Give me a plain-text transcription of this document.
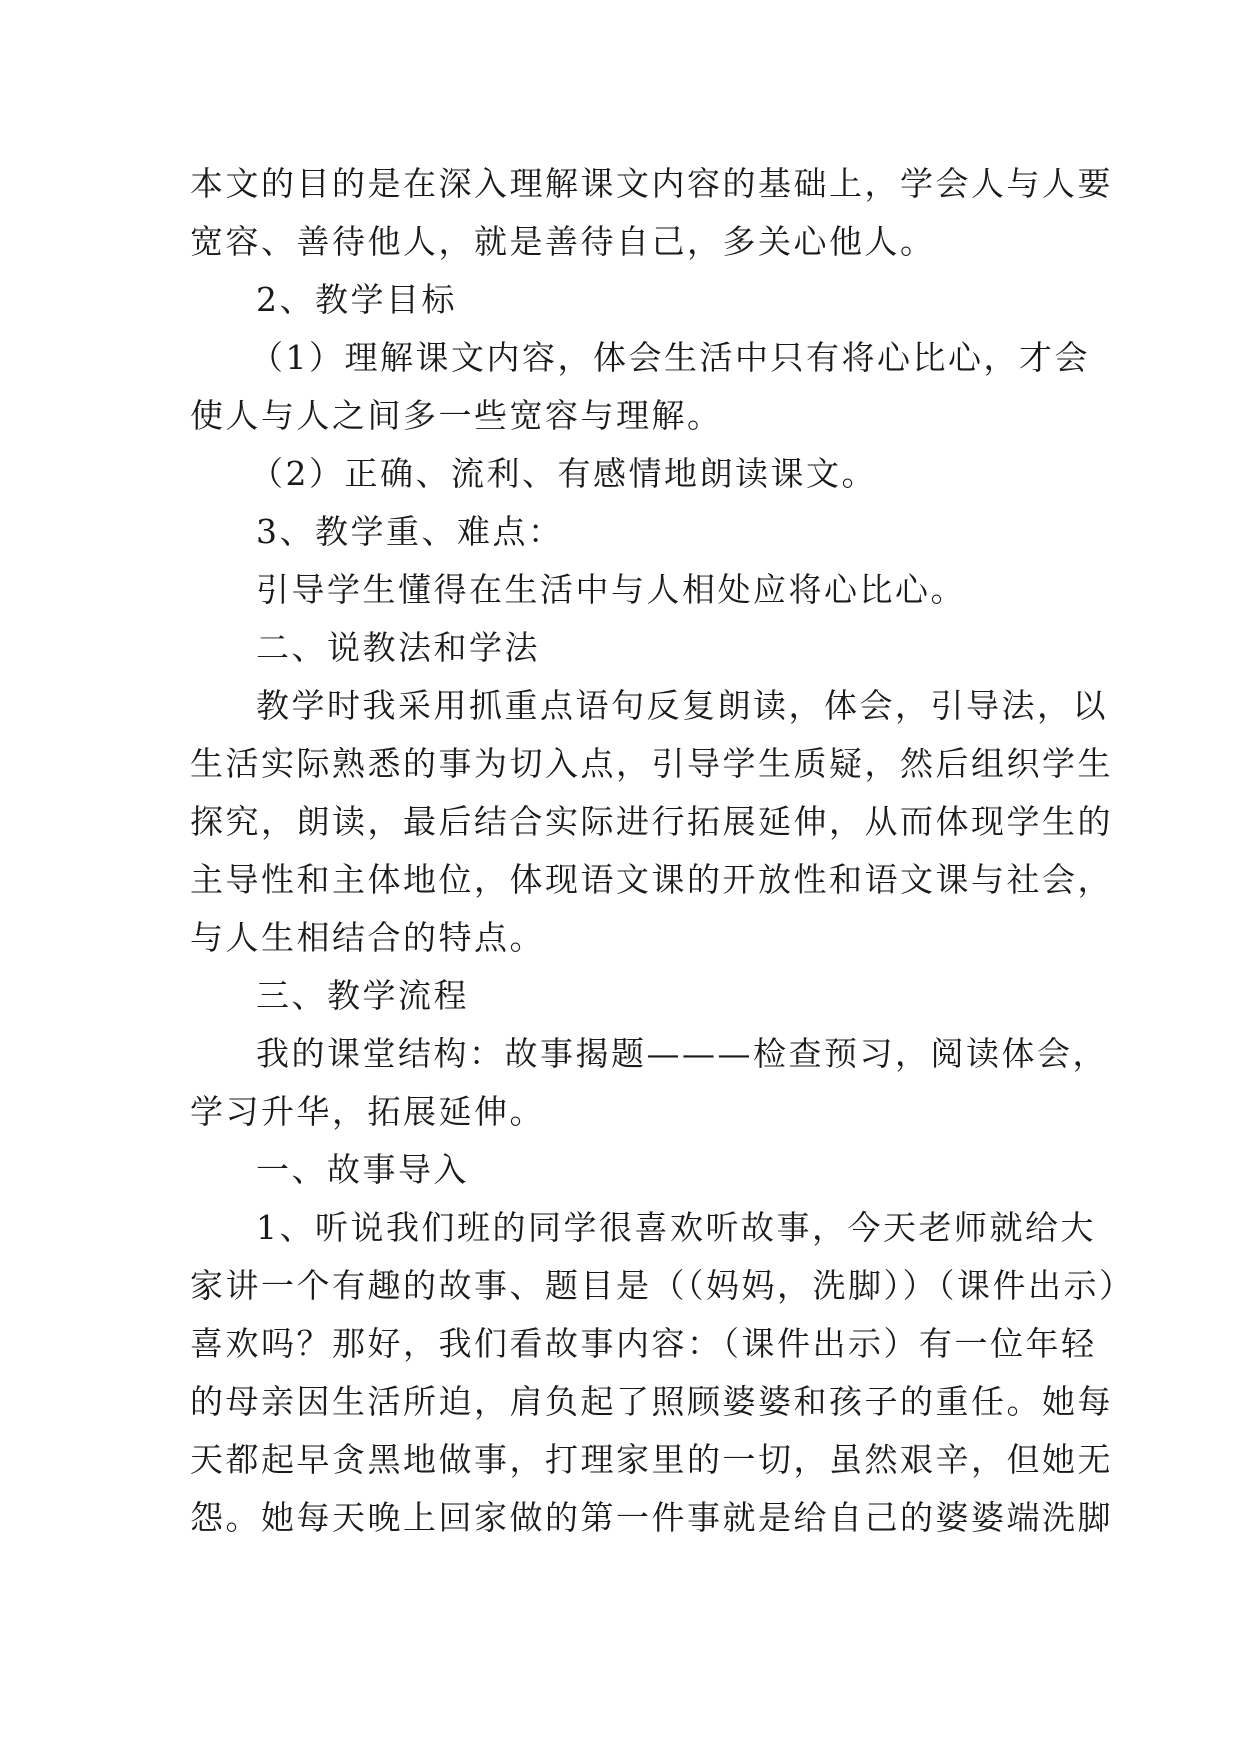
本文的目的是在深入理解课文内容的基础上，学会人与人要
宽容、善待他人，就是善待自己，多关心他人。
2、教学目标
（1）理解课文内容，体会生活中只有将心比心，才会
使人与人之间多一些宽容与理解。
（2）正确、流利、有感情地朗读课文。
3、教学重、难点：
引导学生懂得在生活中与人相处应将心比心。
二、说教法和学法
教学时我采用抓重点语句反复朗读，体会，引导法，以
生活实际熟悉的事为切入点，引导学生质疑，然后组织学生
探究，朗读，最后结合实际进行拓展延伸，从而体现学生的
主导性和主体地位，体现语文课的开放性和语文课与社会，
与人生相结合的特点。
三、教学流程
我的课堂结构：故事揭题———检查预习，阅读体会，
学习升华，拓展延伸。
一、故事导入
1、听说我们班的同学很喜欢听故事，今天老师就给大
家讲一个有趣的故事、题目是（（妈妈，洗脚））（课件出示）
喜欢吗？那好，我们看故事内容：（课件出示）有一位年轻
的母亲因生活所迫，肩负起了照顾婆婆和孩子的重任。她每
天都起早贪黑地做事，打理家里的一切，虽然艰辛，但她无
怨。她每天晚上回家做的第一件事就是给自己的婆婆端洗脚
